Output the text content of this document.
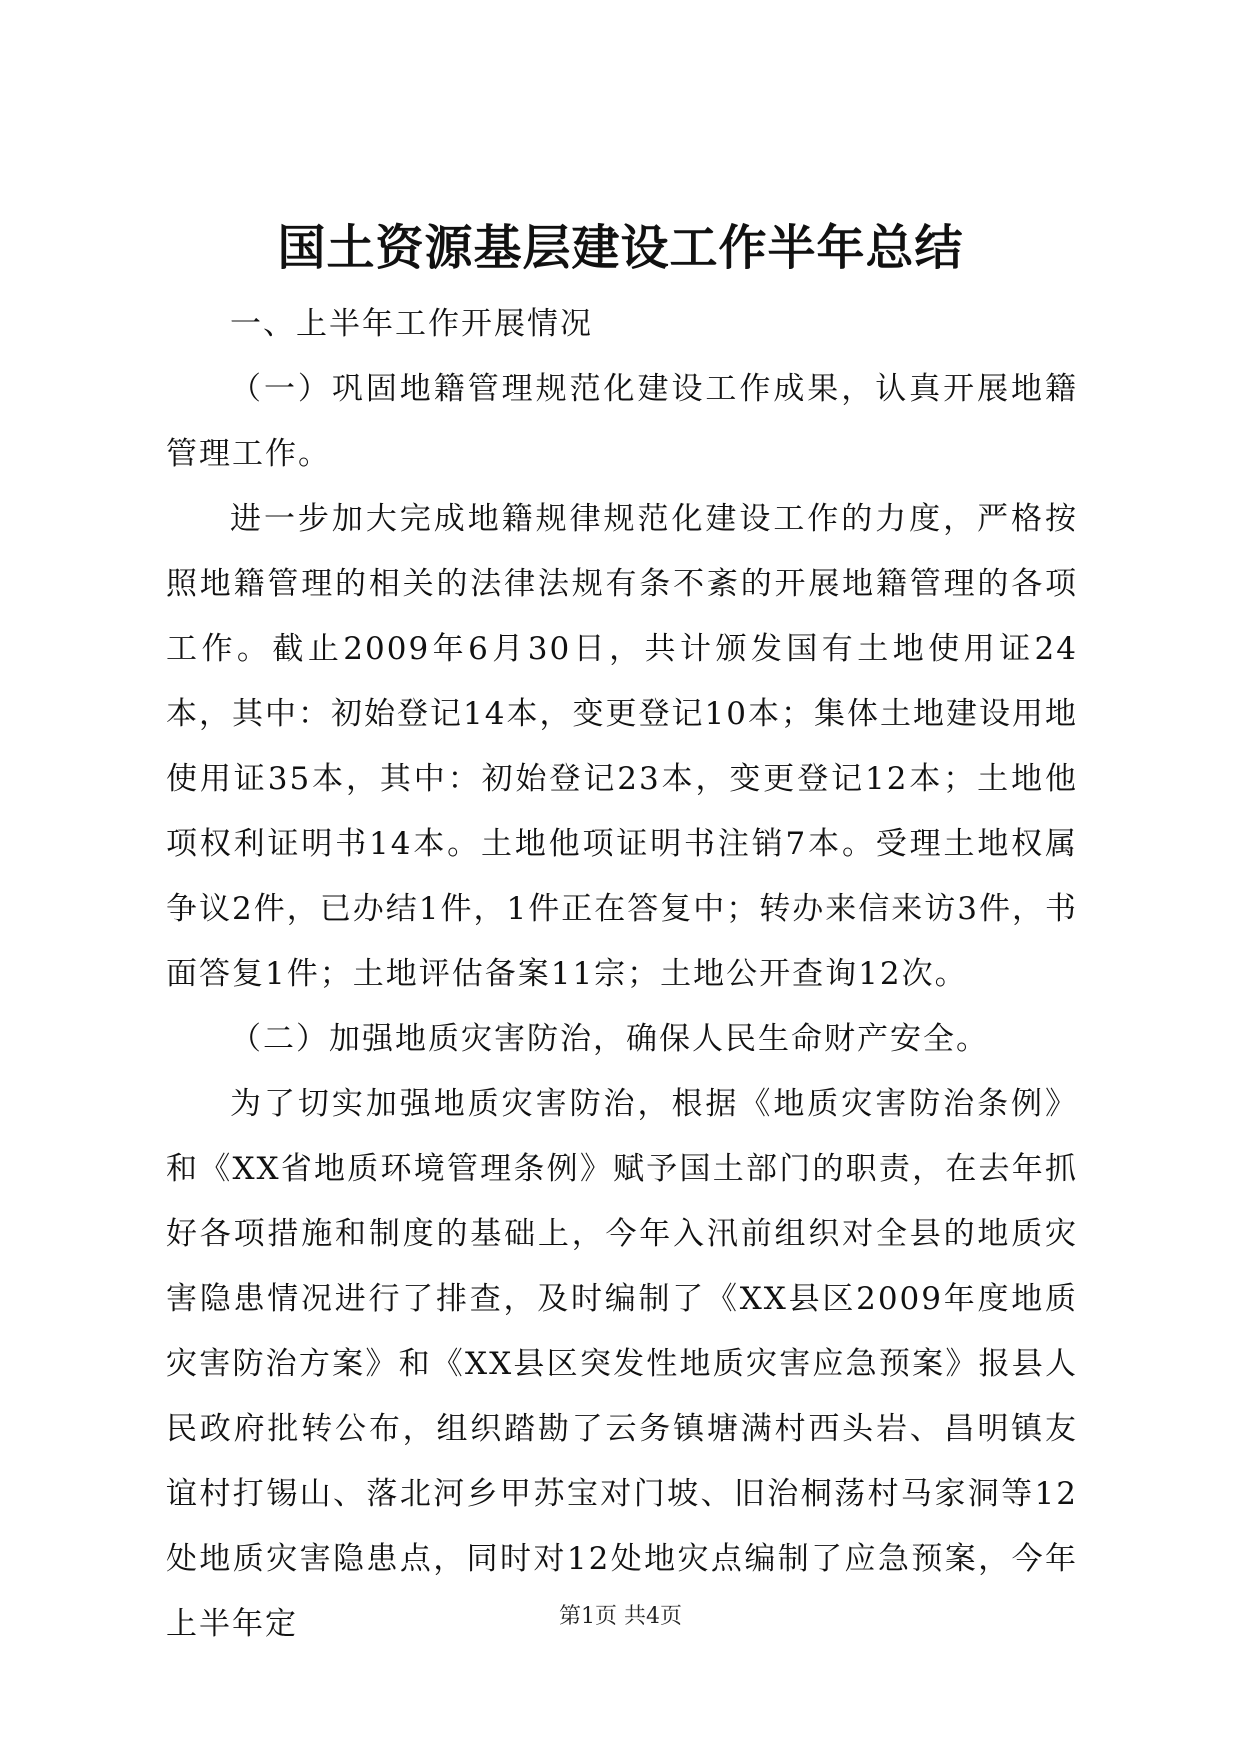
国土资源基层建设工作半年总结

一、上半年工作开展情况

（一）巩固地籍管理规范化建设工作成果，认真开展地籍管理工作。

进一步加大完成地籍规律规范化建设工作的力度，严格按照地籍管理的相关的法律法规有条不紊的开展地籍管理的各项工作。截止2009年6月30日，共计颁发国有土地使用证24本，其中：初始登记14本，变更登记10本；集体土地建设用地使用证35本，其中：初始登记23本，变更登记12本；土地他项权利证明书14本。土地他项证明书注销7本。受理土地权属争议2件，已办结1件，1件正在答复中；转办来信来访3件，书面答复1件；土地评估备案11宗；土地公开查询12次。

（二）加强地质灾害防治，确保人民生命财产安全。

为了切实加强地质灾害防治，根据《地质灾害防治条例》和《XX省地质环境管理条例》赋予国土部门的职责，在去年抓好各项措施和制度的基础上，今年入汛前组织对全县的地质灾害隐患情况进行了排查，及时编制了《XX县区2009年度地质灾害防治方案》和《XX县区突发性地质灾害应急预案》报县人民政府批转公布，组织踏勘了云务镇塘满村西头岩、昌明镇友谊村打锡山、落北河乡甲苏宝对门坡、旧治桐荡村马家洞等12处地质灾害隐患点，同时对12处地灾点编制了应急预案，今年上半年定	第1页 共4页
